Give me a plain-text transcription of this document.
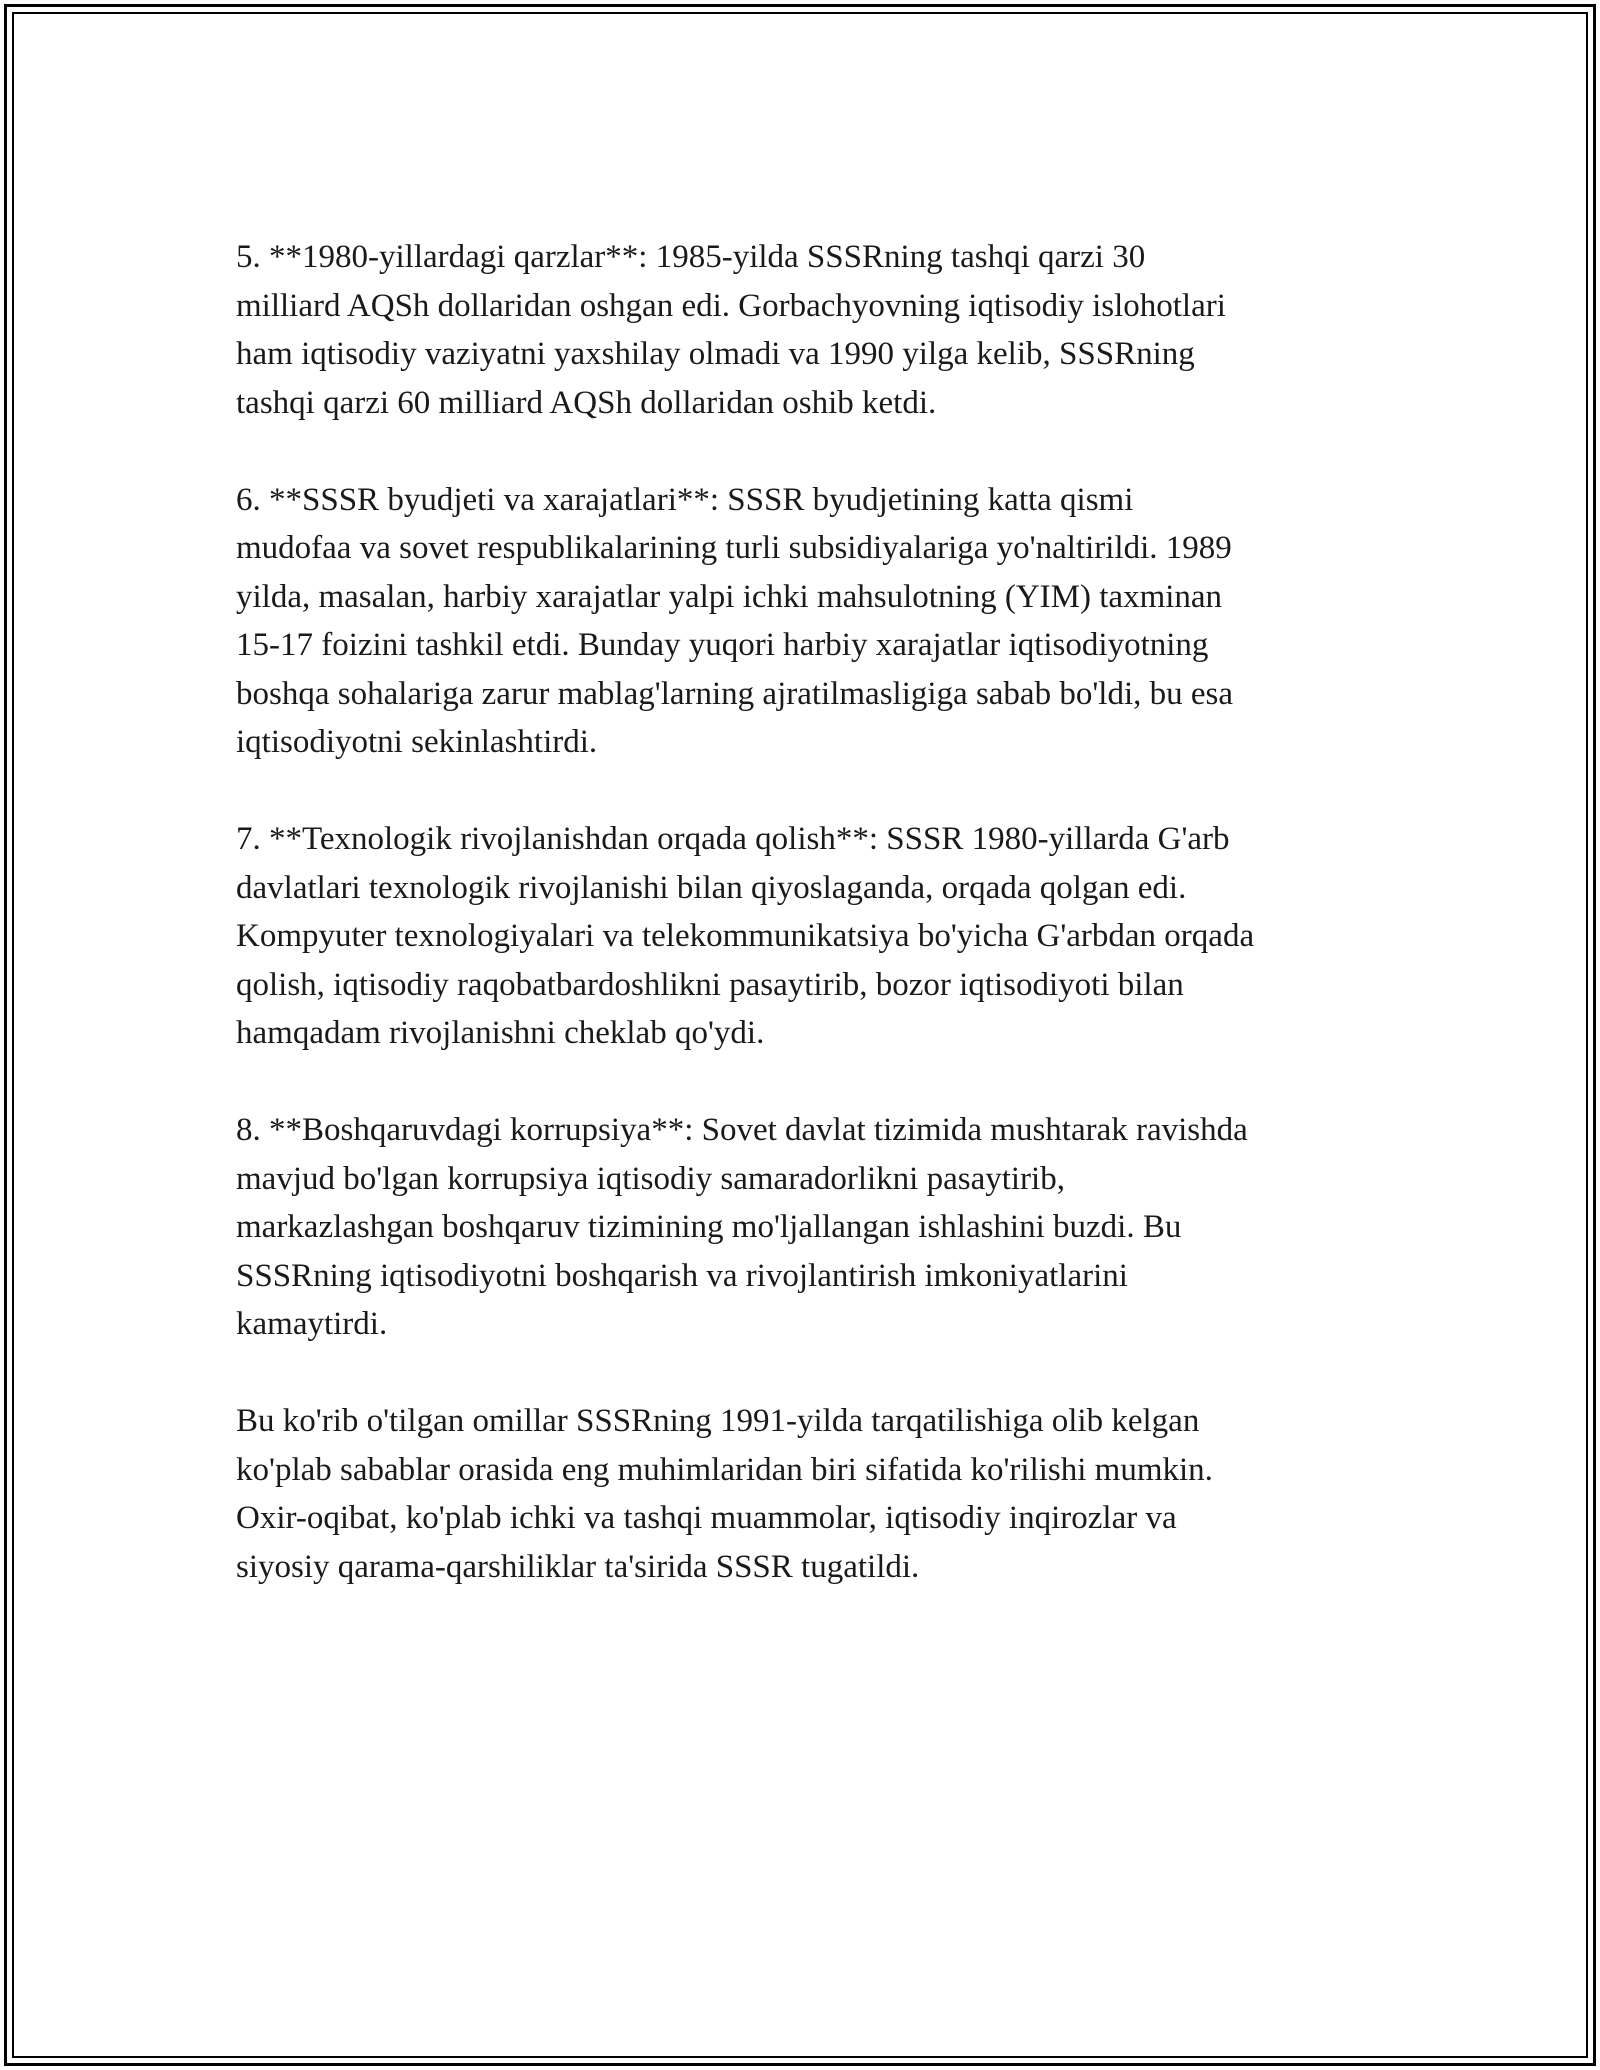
5. **1980-yillardagi qarzlar**: 1985-yilda SSSRning tashqi qarzi 30
milliard AQSh dollaridan oshgan edi. Gorbachyovning iqtisodiy islohotlari
ham iqtisodiy vaziyatni yaxshilay olmadi va 1990 yilga kelib, SSSRning
tashqi qarzi 60 milliard AQSh dollaridan oshib ketdi.

6. **SSSR byudjeti va xarajatlari**: SSSR byudjetining katta qismi
mudofaa va sovet respublikalarining turli subsidiyalariga yo'naltirildi. 1989
yilda, masalan, harbiy xarajatlar yalpi ichki mahsulotning (YIM) taxminan
15-17 foizini tashkil etdi. Bunday yuqori harbiy xarajatlar iqtisodiyotning
boshqa sohalariga zarur mablag'larning ajratilmasligiga sabab bo'ldi, bu esa
iqtisodiyotni sekinlashtirdi.

7. **Texnologik rivojlanishdan orqada qolish**: SSSR 1980-yillarda G'arb
davlatlari texnologik rivojlanishi bilan qiyoslaganda, orqada qolgan edi.
Kompyuter texnologiyalari va telekommunikatsiya bo'yicha G'arbdan orqada
qolish, iqtisodiy raqobatbardoshlikni pasaytirib, bozor iqtisodiyoti bilan
hamqadam rivojlanishni cheklab qo'ydi.

8. **Boshqaruvdagi korrupsiya**: Sovet davlat tizimida mushtarak ravishda
mavjud bo'lgan korrupsiya iqtisodiy samaradorlikni pasaytirib,
markazlashgan boshqaruv tizimining mo'ljallangan ishlashini buzdi. Bu
SSSRning iqtisodiyotni boshqarish va rivojlantirish imkoniyatlarini
kamaytirdi.

Bu ko'rib o'tilgan omillar SSSRning 1991-yilda tarqatilishiga olib kelgan
ko'plab sabablar orasida eng muhimlaridan biri sifatida ko'rilishi mumkin.
Oxir-oqibat, ko'plab ichki va tashqi muammolar, iqtisodiy inqirozlar va
siyosiy qarama-qarshiliklar ta'sirida SSSR tugatildi.
